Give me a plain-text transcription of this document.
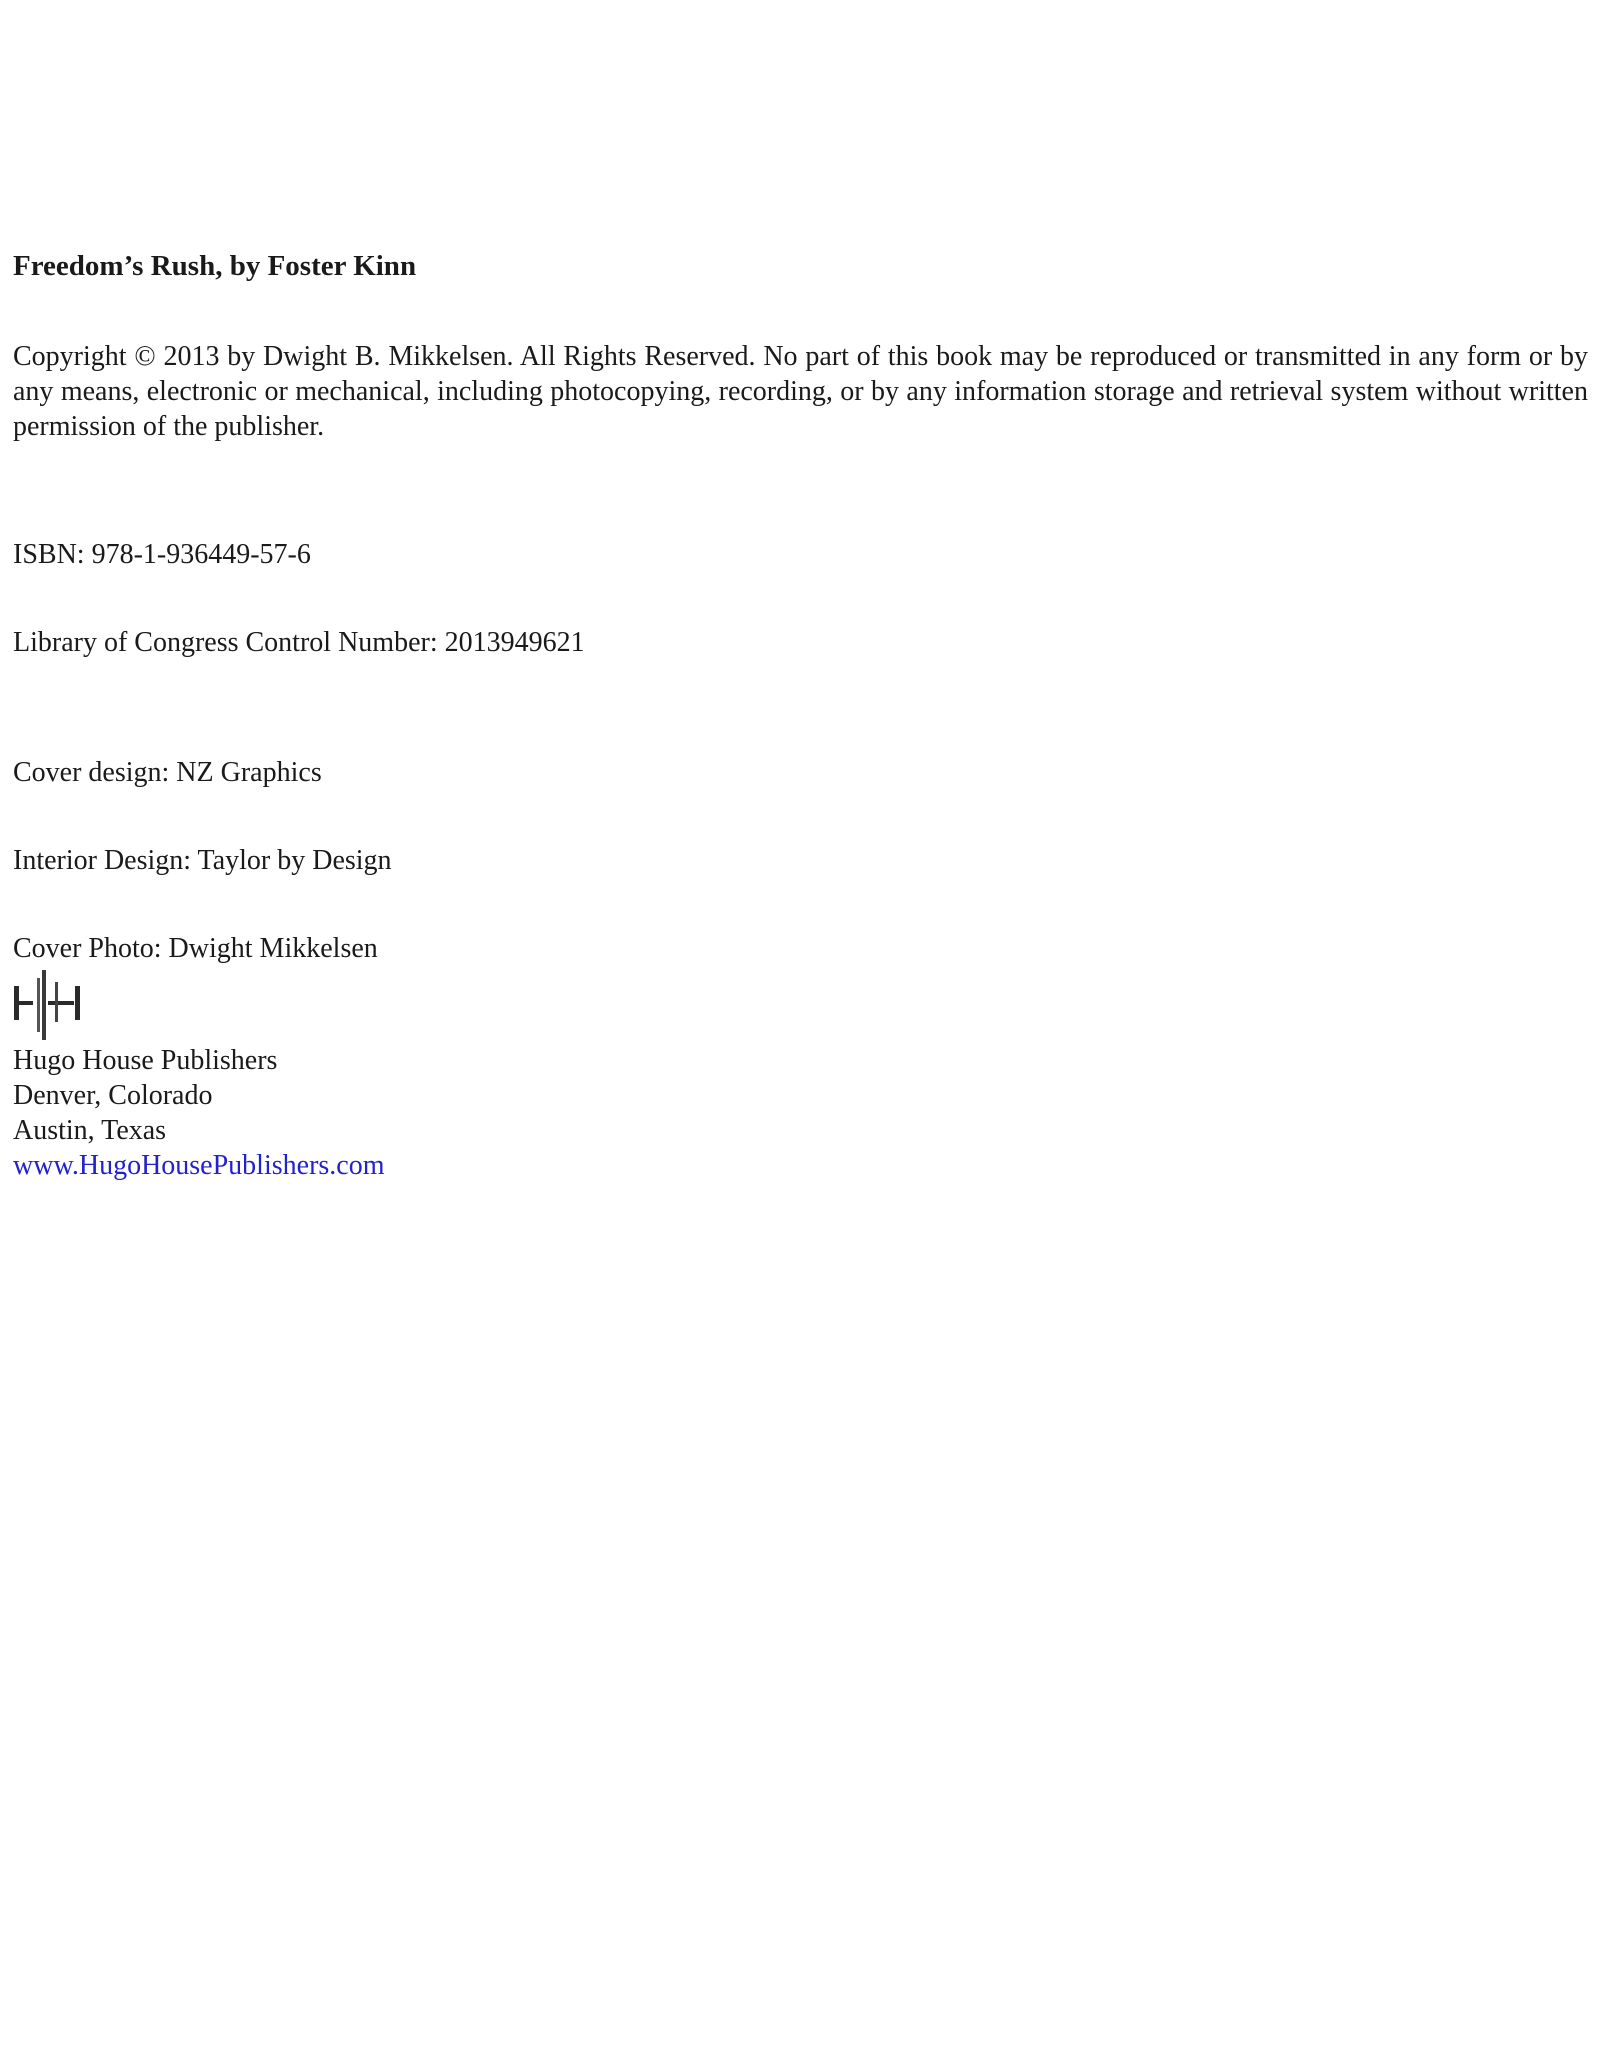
Freedom’s Rush, by Foster Kinn
Copyright © 2013 by Dwight B. Mikkelsen. All Rights Reserved. No part of this book may be reproduced or transmitted in any form or by any means, electronic or mechanical, including photocopying, recording, or by any information storage and retrieval system without written permission of the publisher.
ISBN: 978-1-936449-57-6
Library of Congress Control Number: 2013949621
Cover design: NZ Graphics
Interior Design: Taylor by Design
Cover Photo: Dwight Mikkelsen
Hugo House Publishers
Denver, Colorado
Austin, Texas
www.HugoHousePublishers.com
